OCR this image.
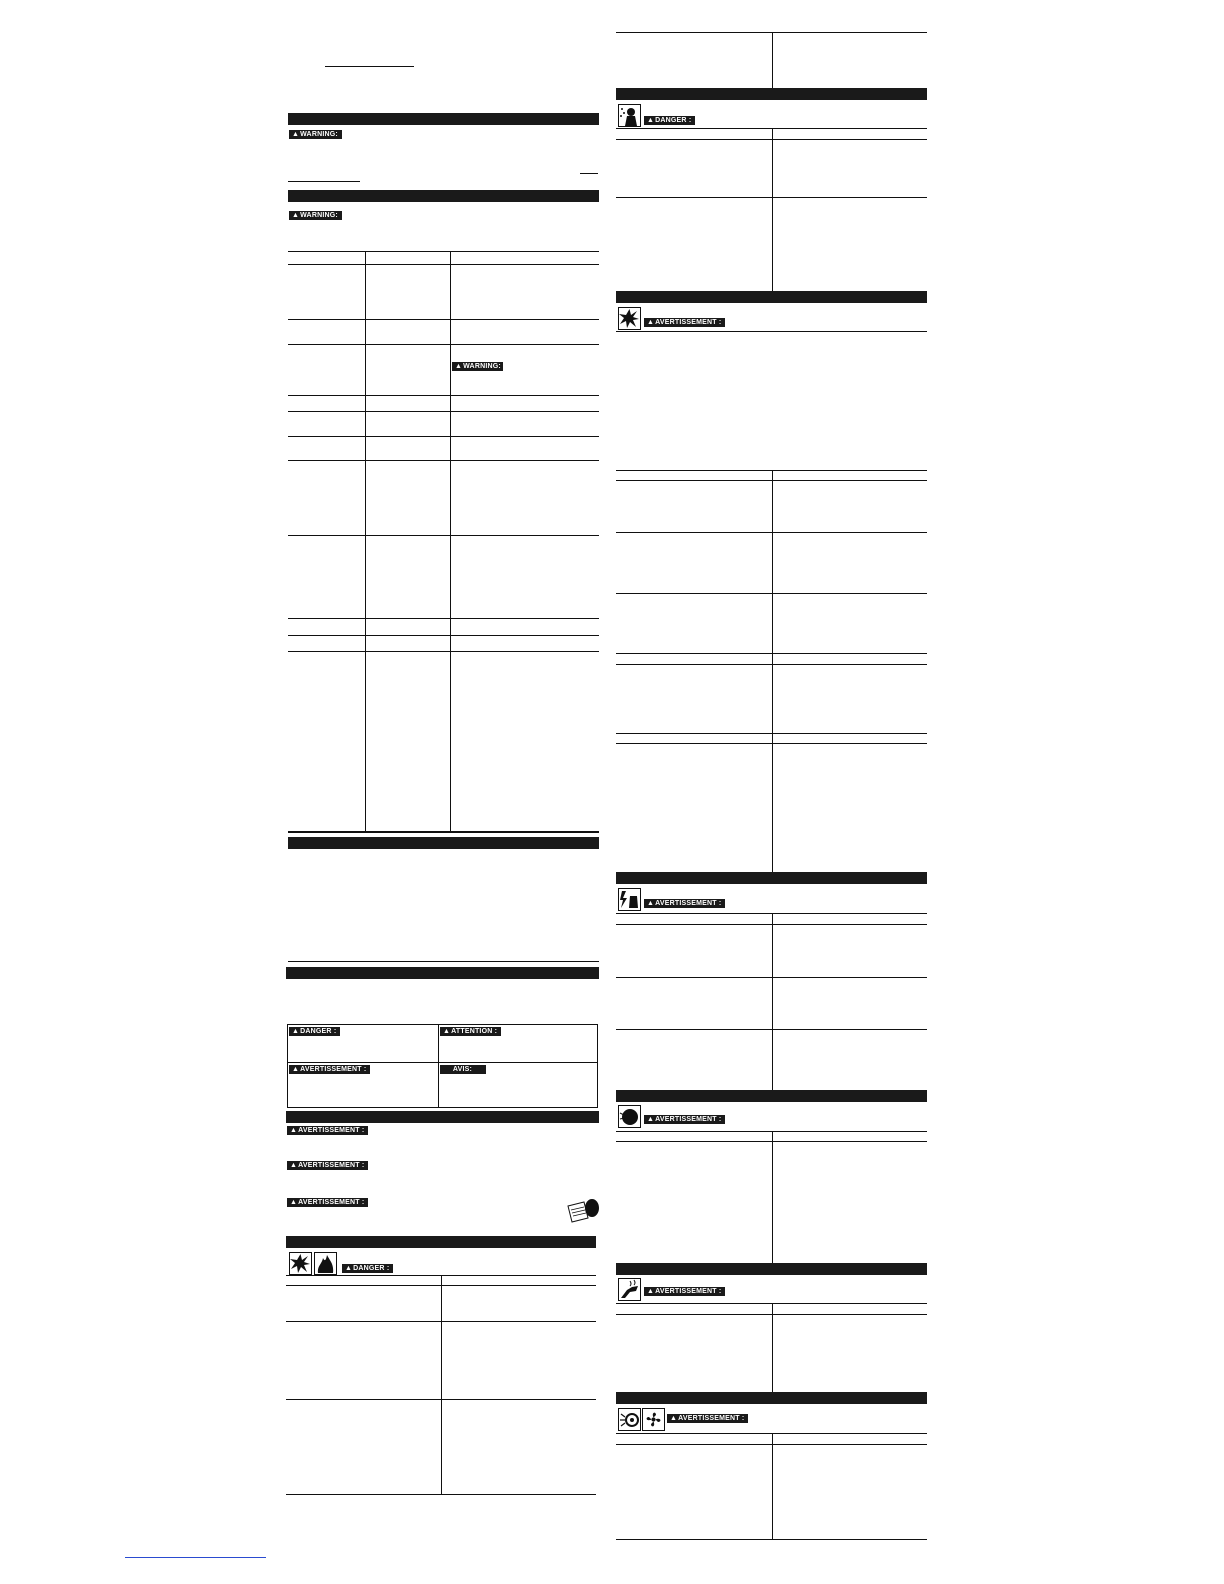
▲WARNING:
▲WARNING:
▲WARNING:
▲DANGER :	▲ATTENTION :
▲AVERTISSEMENT :	AVIS:
▲AVERTISSEMENT :
▲AVERTISSEMENT :
▲AVERTISSEMENT :
▲DANGER :
▲DANGER :
▲AVERTISSEMENT :
▲AVERTISSEMENT :
▲AVERTISSEMENT :
▲AVERTISSEMENT :
▲AVERTISSEMENT :
